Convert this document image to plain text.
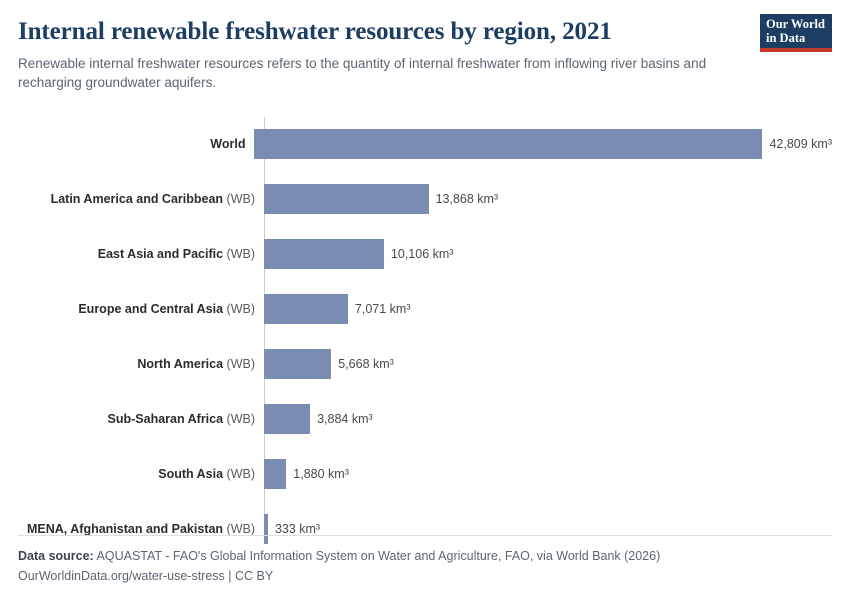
Our World
in Data
Internal renewable freshwater resources by region, 2021
Renewable internal freshwater resources refers to the quantity of internal freshwater from inflowing river basins and recharging groundwater aquifers.
World	42,809 km³
Latin America and Caribbean (WB)	13,868 km³
East Asia and Pacific (WB)	10,106 km³
Europe and Central Asia (WB)	7,071 km³
North America (WB)	5,668 km³
Sub-Saharan Africa (WB)	3,884 km³
South Asia (WB)	1,880 km³
MENA, Afghanistan and Pakistan (WB)	333 km³
Data source: AQUASTAT - FAO's Global Information System on Water and Agriculture, FAO, via World Bank (2026)
OurWorldinData.org/water-use-stress | CC BY
